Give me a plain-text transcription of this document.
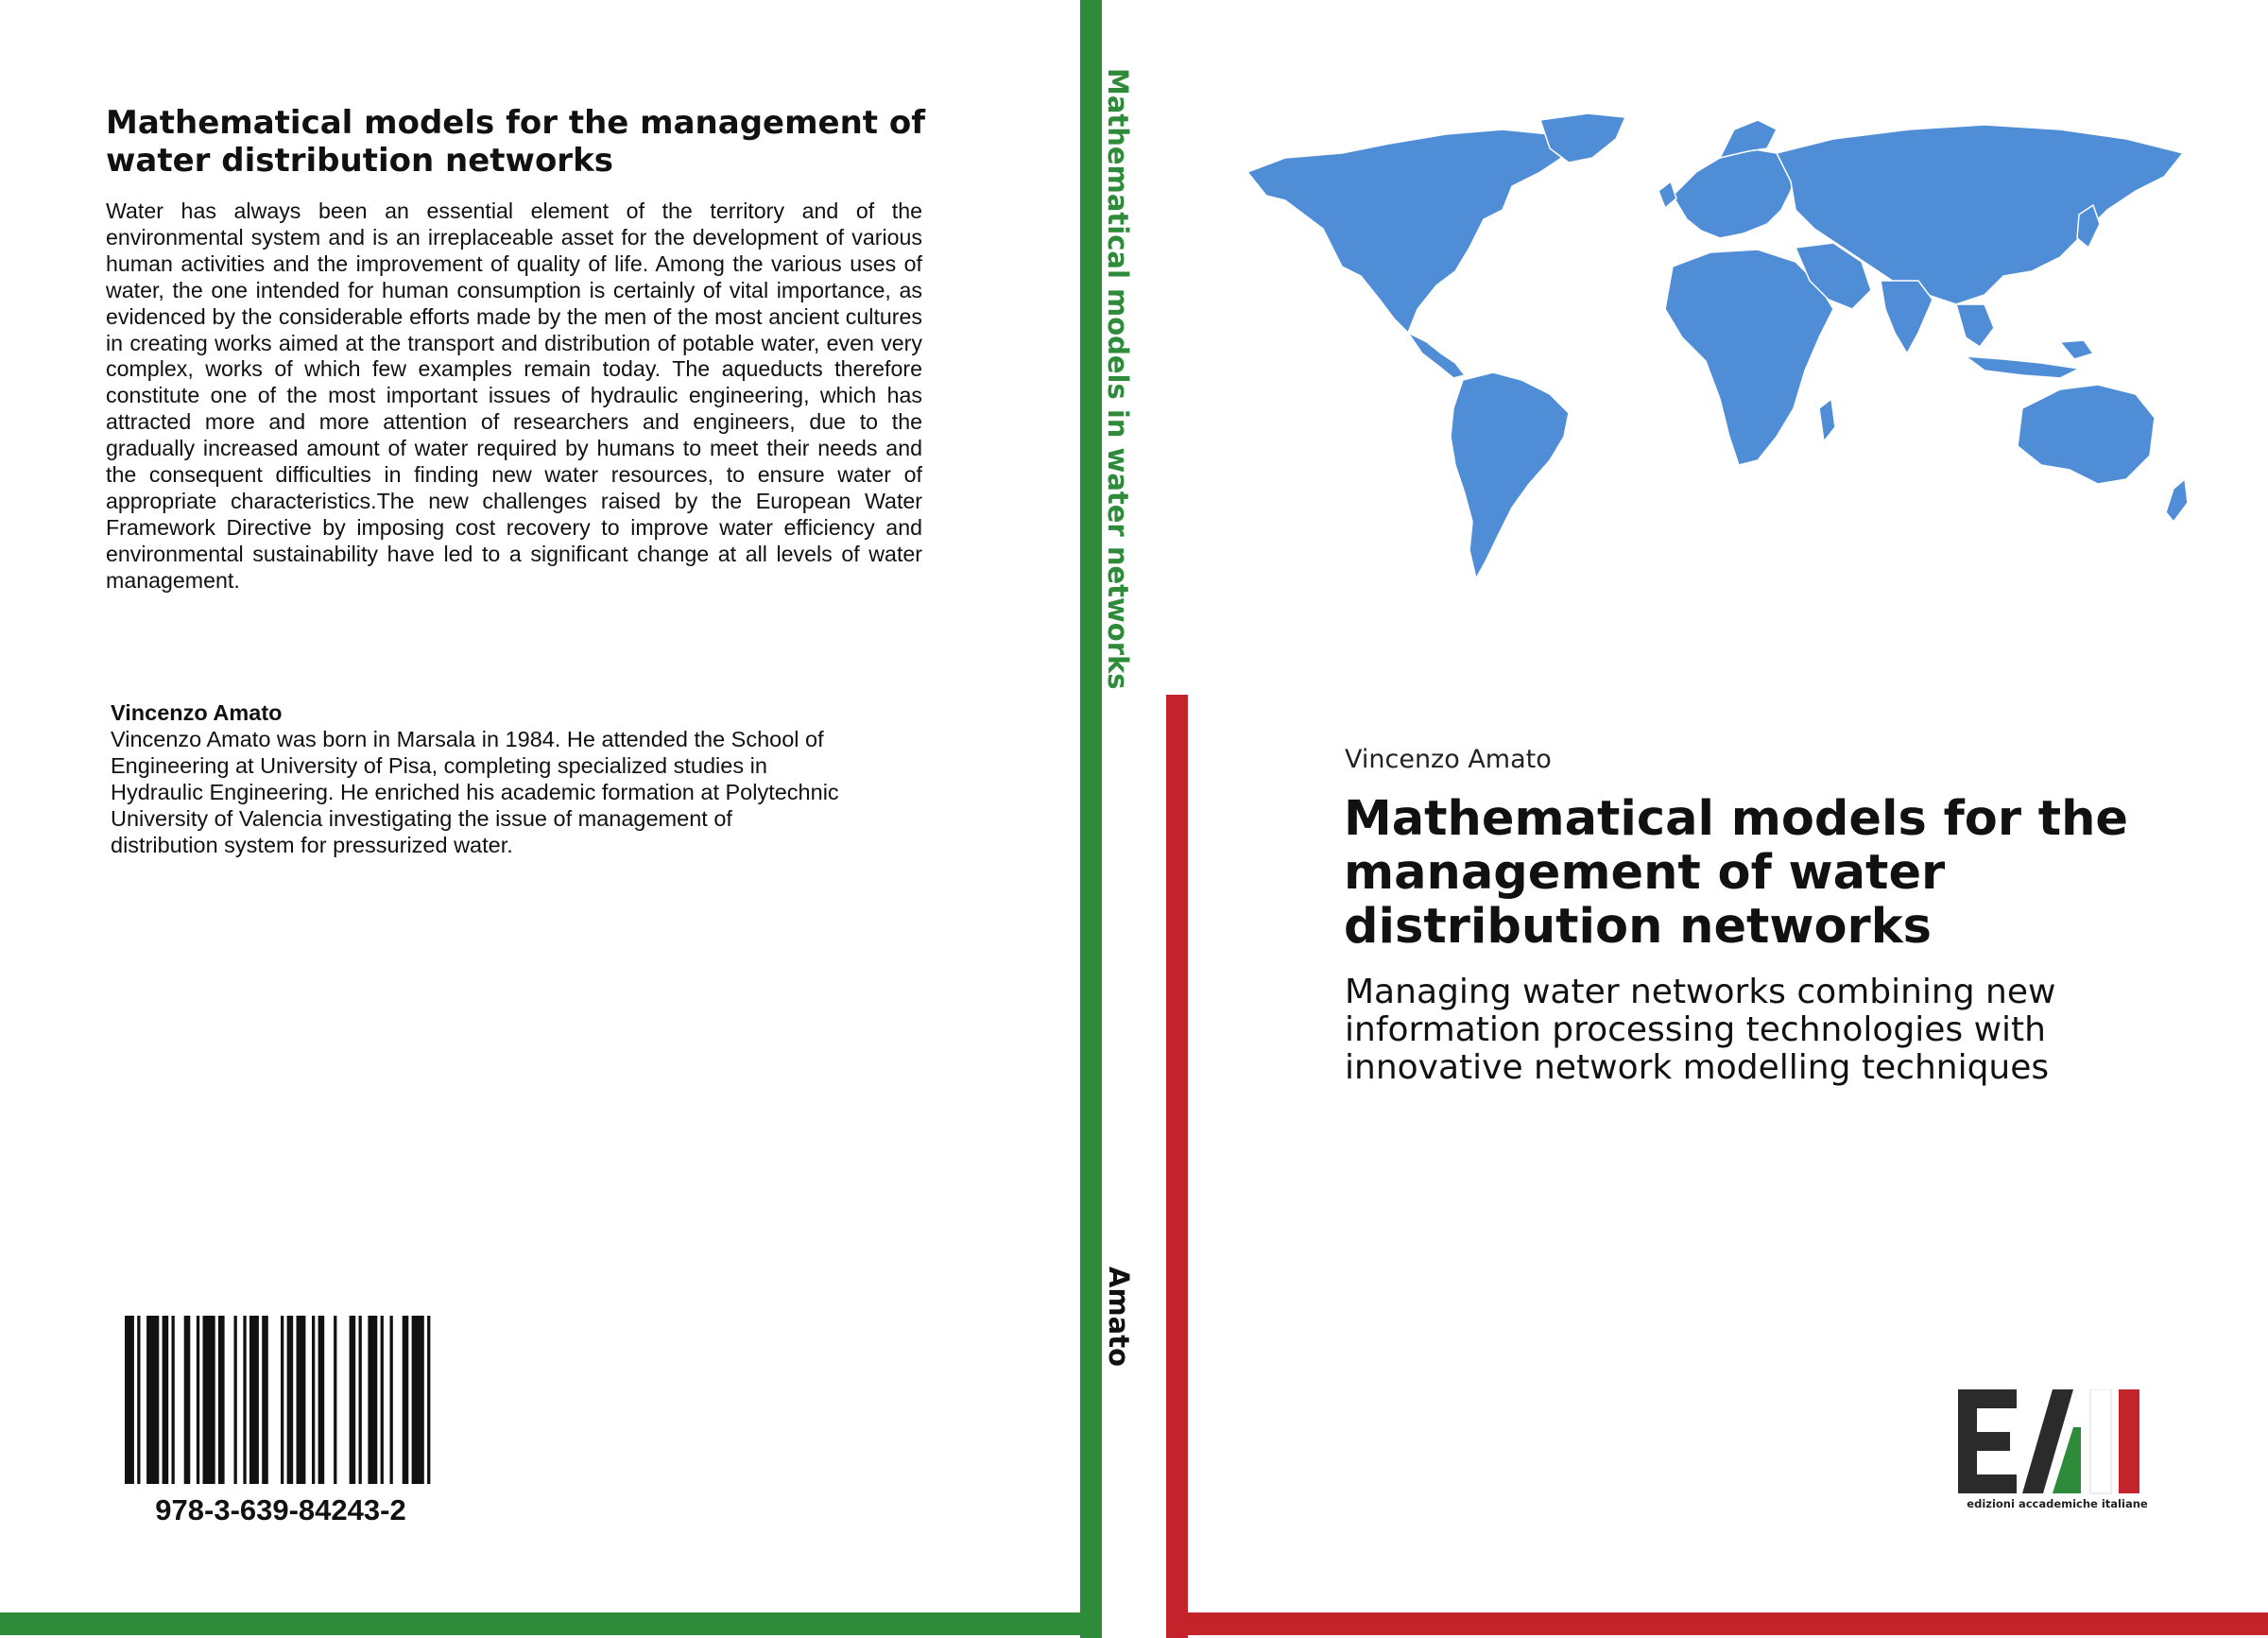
Mathematical models for the management of water distribution networks
Water has always been an essential element of the territory and of the environmental system and is an irreplaceable asset for the development of various human activities and the improvement of quality of life. Among the various uses of water, the one intended for human consumption is certainly of vital importance, as evidenced by the considerable efforts made by the men of the most ancient cultures in creating works aimed at the transport and distribution of potable water, even very complex, works of which few examples remain today. The aqueducts therefore constitute one of the most important issues of hydraulic engineering, which has attracted more and more attention of researchers and engineers, due to the gradually increased amount of water required by humans to meet their needs and the consequent difficulties in finding new water resources, to ensure water of appropriate characteristics.The new challenges raised by the European Water Framework Directive by imposing cost recovery to improve water efficiency and environmental sustainability have led to a significant change at all levels of water management.
Vincenzo Amato
Vincenzo Amato was born in Marsala in 1984. He attended the School of
Engineering at University of Pisa, completing specialized studies in
Hydraulic Engineering. He enriched his academic formation at Polytechnic
University of Valencia investigating the issue of management of
distribution system for pressurized water.
978-3-639-84243-2
Mathematical models in water networks
Amato
Vincenzo Amato
Mathematical models for the management of water distribution networks
Managing water networks combining new information processing technologies with innovative network modelling techniques
edizioni accademiche italiane
